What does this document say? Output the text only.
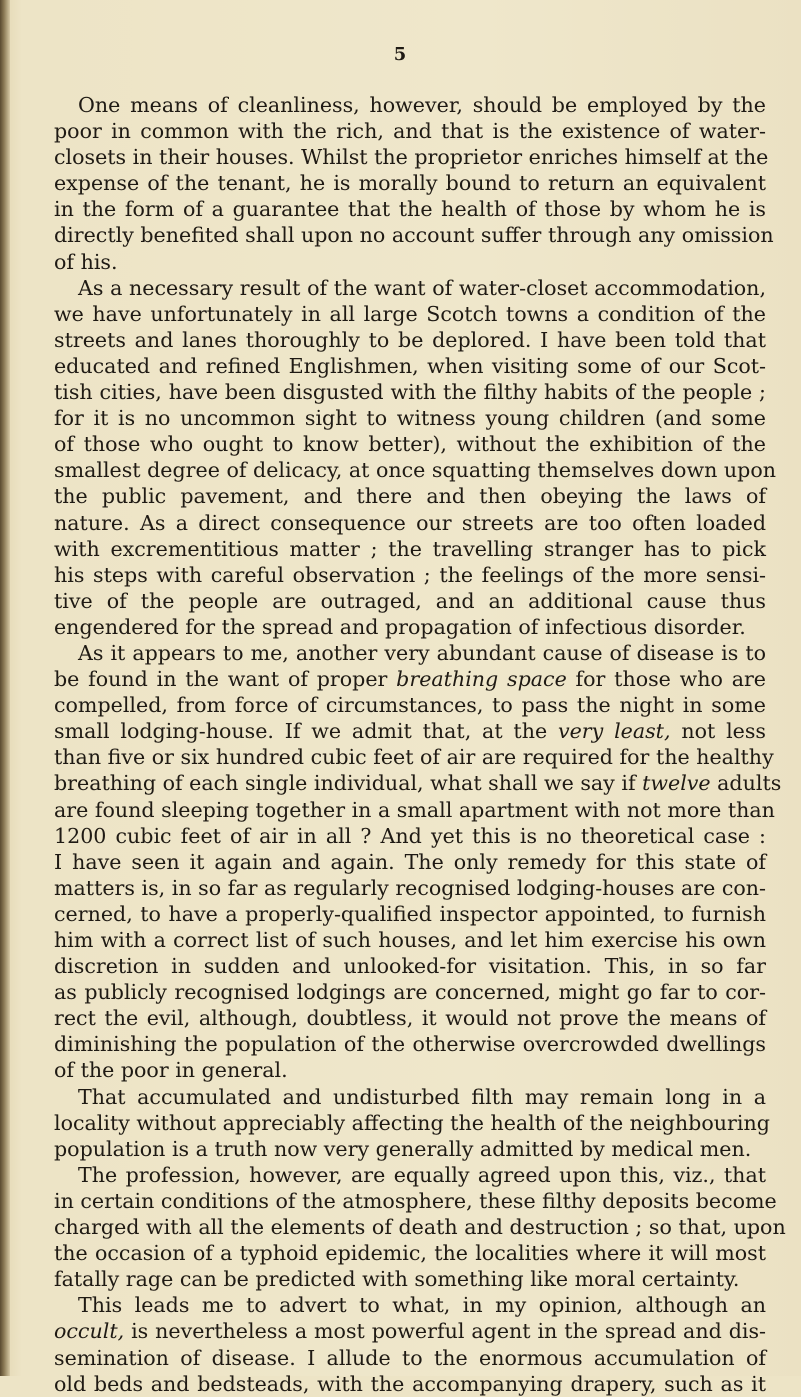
5
One means of cleanliness, however, should be employed by the
poor in common with the rich, and that is the existence of water-
closets in their houses. Whilst the proprietor enriches himself at the
expense of the tenant, he is morally bound to return an equivalent
in the form of a guarantee that the health of those by whom he is
directly benefited shall upon no account suffer through any omission
of his.
As a necessary result of the want of water-closet accommodation,
we have unfortunately in all large Scotch towns a condition of the
streets and lanes thoroughly to be deplored. I have been told that
educated and refined Englishmen, when visiting some of our Scot-
tish cities, have been disgusted with the filthy habits of the people ;
for it is no uncommon sight to witness young children (and some
of those who ought to know better), without the exhibition of the
smallest degree of delicacy, at once squatting themselves down upon
the public pavement, and there and then obeying the laws of
nature. As a direct consequence our streets are too often loaded
with excrementitious matter ; the travelling stranger has to pick
his steps with careful observation ; the feelings of the more sensi-
tive of the people are outraged, and an additional cause thus
engendered for the spread and propagation of infectious disorder.
As it appears to me, another very abundant cause of disease is to
be found in the want of proper breathing space for those who are
compelled, from force of circumstances, to pass the night in some
small lodging-house. If we admit that, at the very least, not less
than five or six hundred cubic feet of air are required for the healthy
breathing of each single individual, what shall we say if twelve adults
are found sleeping together in a small apartment with not more than
1200 cubic feet of air in all ? And yet this is no theoretical case :
I have seen it again and again. The only remedy for this state of
matters is, in so far as regularly recognised lodging-houses are con-
cerned, to have a properly-qualified inspector appointed, to furnish
him with a correct list of such houses, and let him exercise his own
discretion in sudden and unlooked-for visitation. This, in so far
as publicly recognised lodgings are concerned, might go far to cor-
rect the evil, although, doubtless, it would not prove the means of
diminishing the population of the otherwise overcrowded dwellings
of the poor in general.
That accumulated and undisturbed filth may remain long in a
locality without appreciably affecting the health of the neighbouring
population is a truth now very generally admitted by medical men.
The profession, however, are equally agreed upon this, viz., that
in certain conditions of the atmosphere, these filthy deposits become
charged with all the elements of death and destruction ; so that, upon
the occasion of a typhoid epidemic, the localities where it will most
fatally rage can be predicted with something like moral certainty.
This leads me to advert to what, in my opinion, although an
occult, is nevertheless a most powerful agent in the spread and dis-
semination of disease. I allude to the enormous accumulation of
old beds and bedsteads, with the accompanying drapery, such as it
